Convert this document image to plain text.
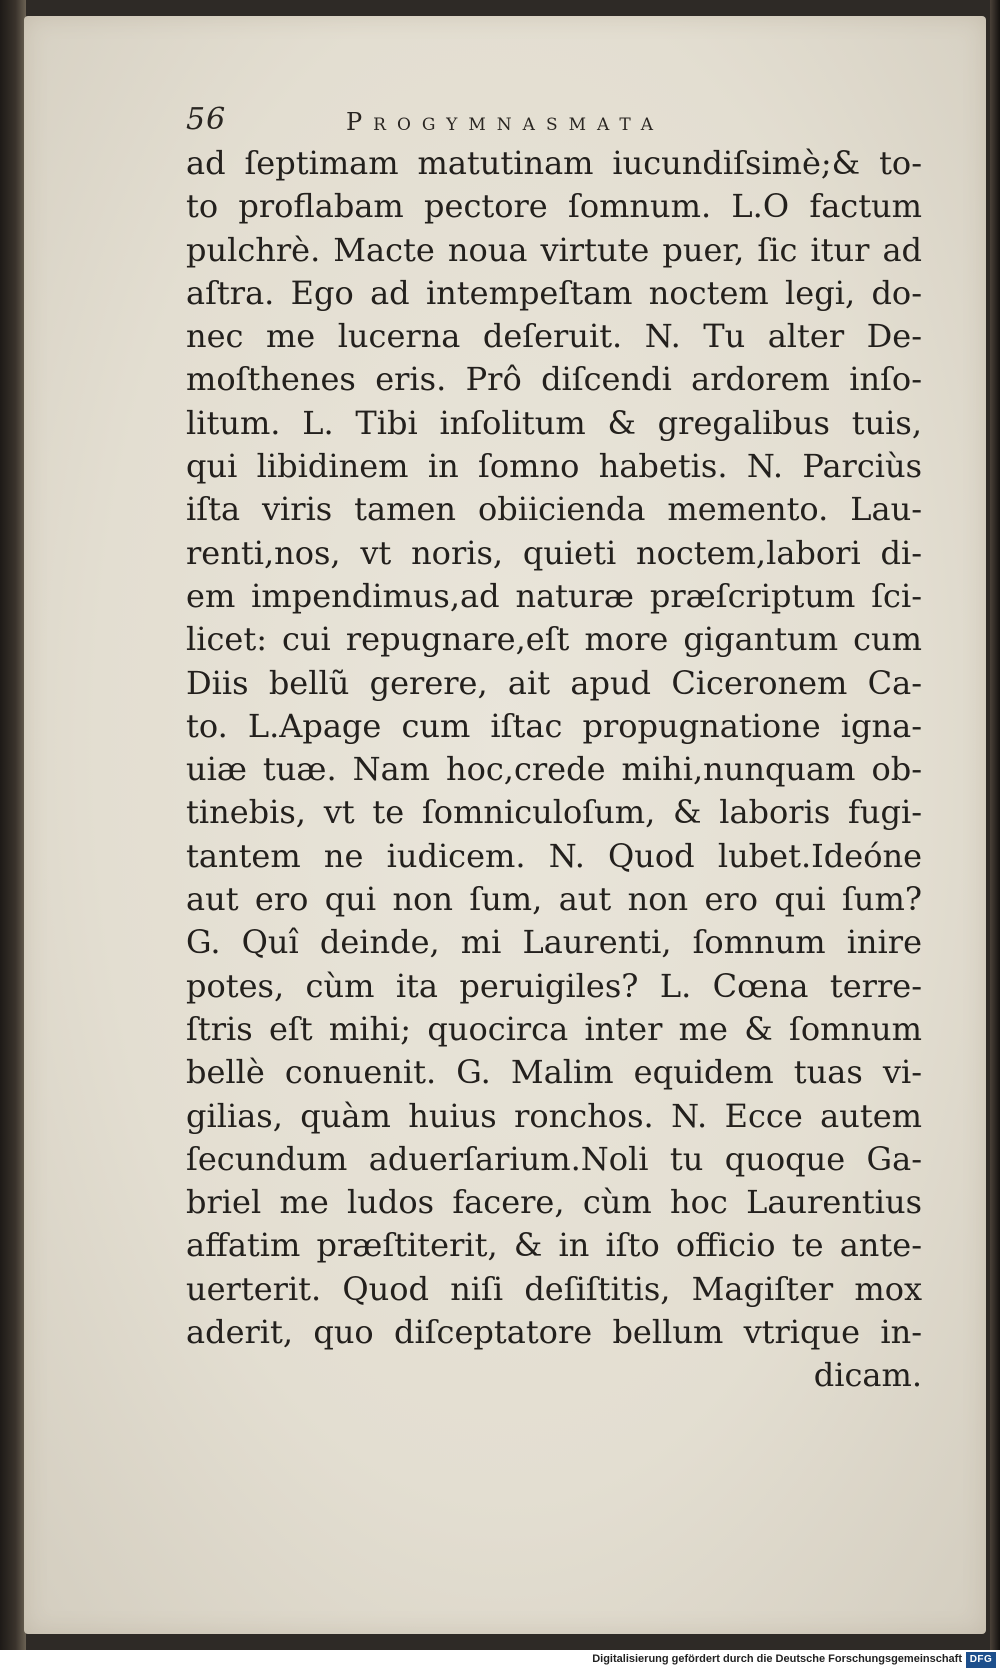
56	Progymnasmata
ad ſeptimam matutinam iucundiſsimè;& to-
to proflabam pectore ſomnum. L.O factum
pulchrè. Macte noua virtute puer, ſic itur ad
aſtra. Ego ad intempeſtam noctem legi, do-
nec me lucerna deſeruit. N. Tu alter De-
moſthenes eris. Prô diſcendi ardorem inſo-
litum. L. Tibi inſolitum & gregalibus tuis,
qui libidinem in ſomno habetis. N. Parciùs
iſta viris tamen obiicienda memento. Lau-
renti,nos, vt noris, quieti noctem,labori di-
em impendimus,ad naturæ præſcriptum ſci-
licet: cui repugnare,eſt more gigantum cum
Diis bellũ gerere, ait apud Ciceronem Ca-
to. L.Apage cum iſtac propugnatione igna-
uiæ tuæ. Nam hoc,crede mihi,nunquam ob-
tinebis, vt te ſomniculoſum, & laboris fugi-
tantem ne iudicem. N. Quod lubet.Ideóne
aut ero qui non ſum, aut non ero qui ſum?
G. Quî deinde, mi Laurenti, ſomnum inire
potes, cùm ita peruigiles? L. Cœna terre-
ſtris eſt mihi; quocirca inter me & ſomnum
bellè conuenit. G. Malim equidem tuas vi-
gilias, quàm huius ronchos. N. Ecce autem
ſecundum aduerſarium.Noli tu quoque Ga-
briel me ludos facere, cùm hoc Laurentius
affatim præſtiterit, & in iſto officio te ante-
uerterit. Quod niſi deſiſtitis, Magiſter mox
aderit, quo diſceptatore bellum vtrique in-
dicam.
Digitalisierung gefördert durch die Deutsche Forschungsgemeinschaft DFG
